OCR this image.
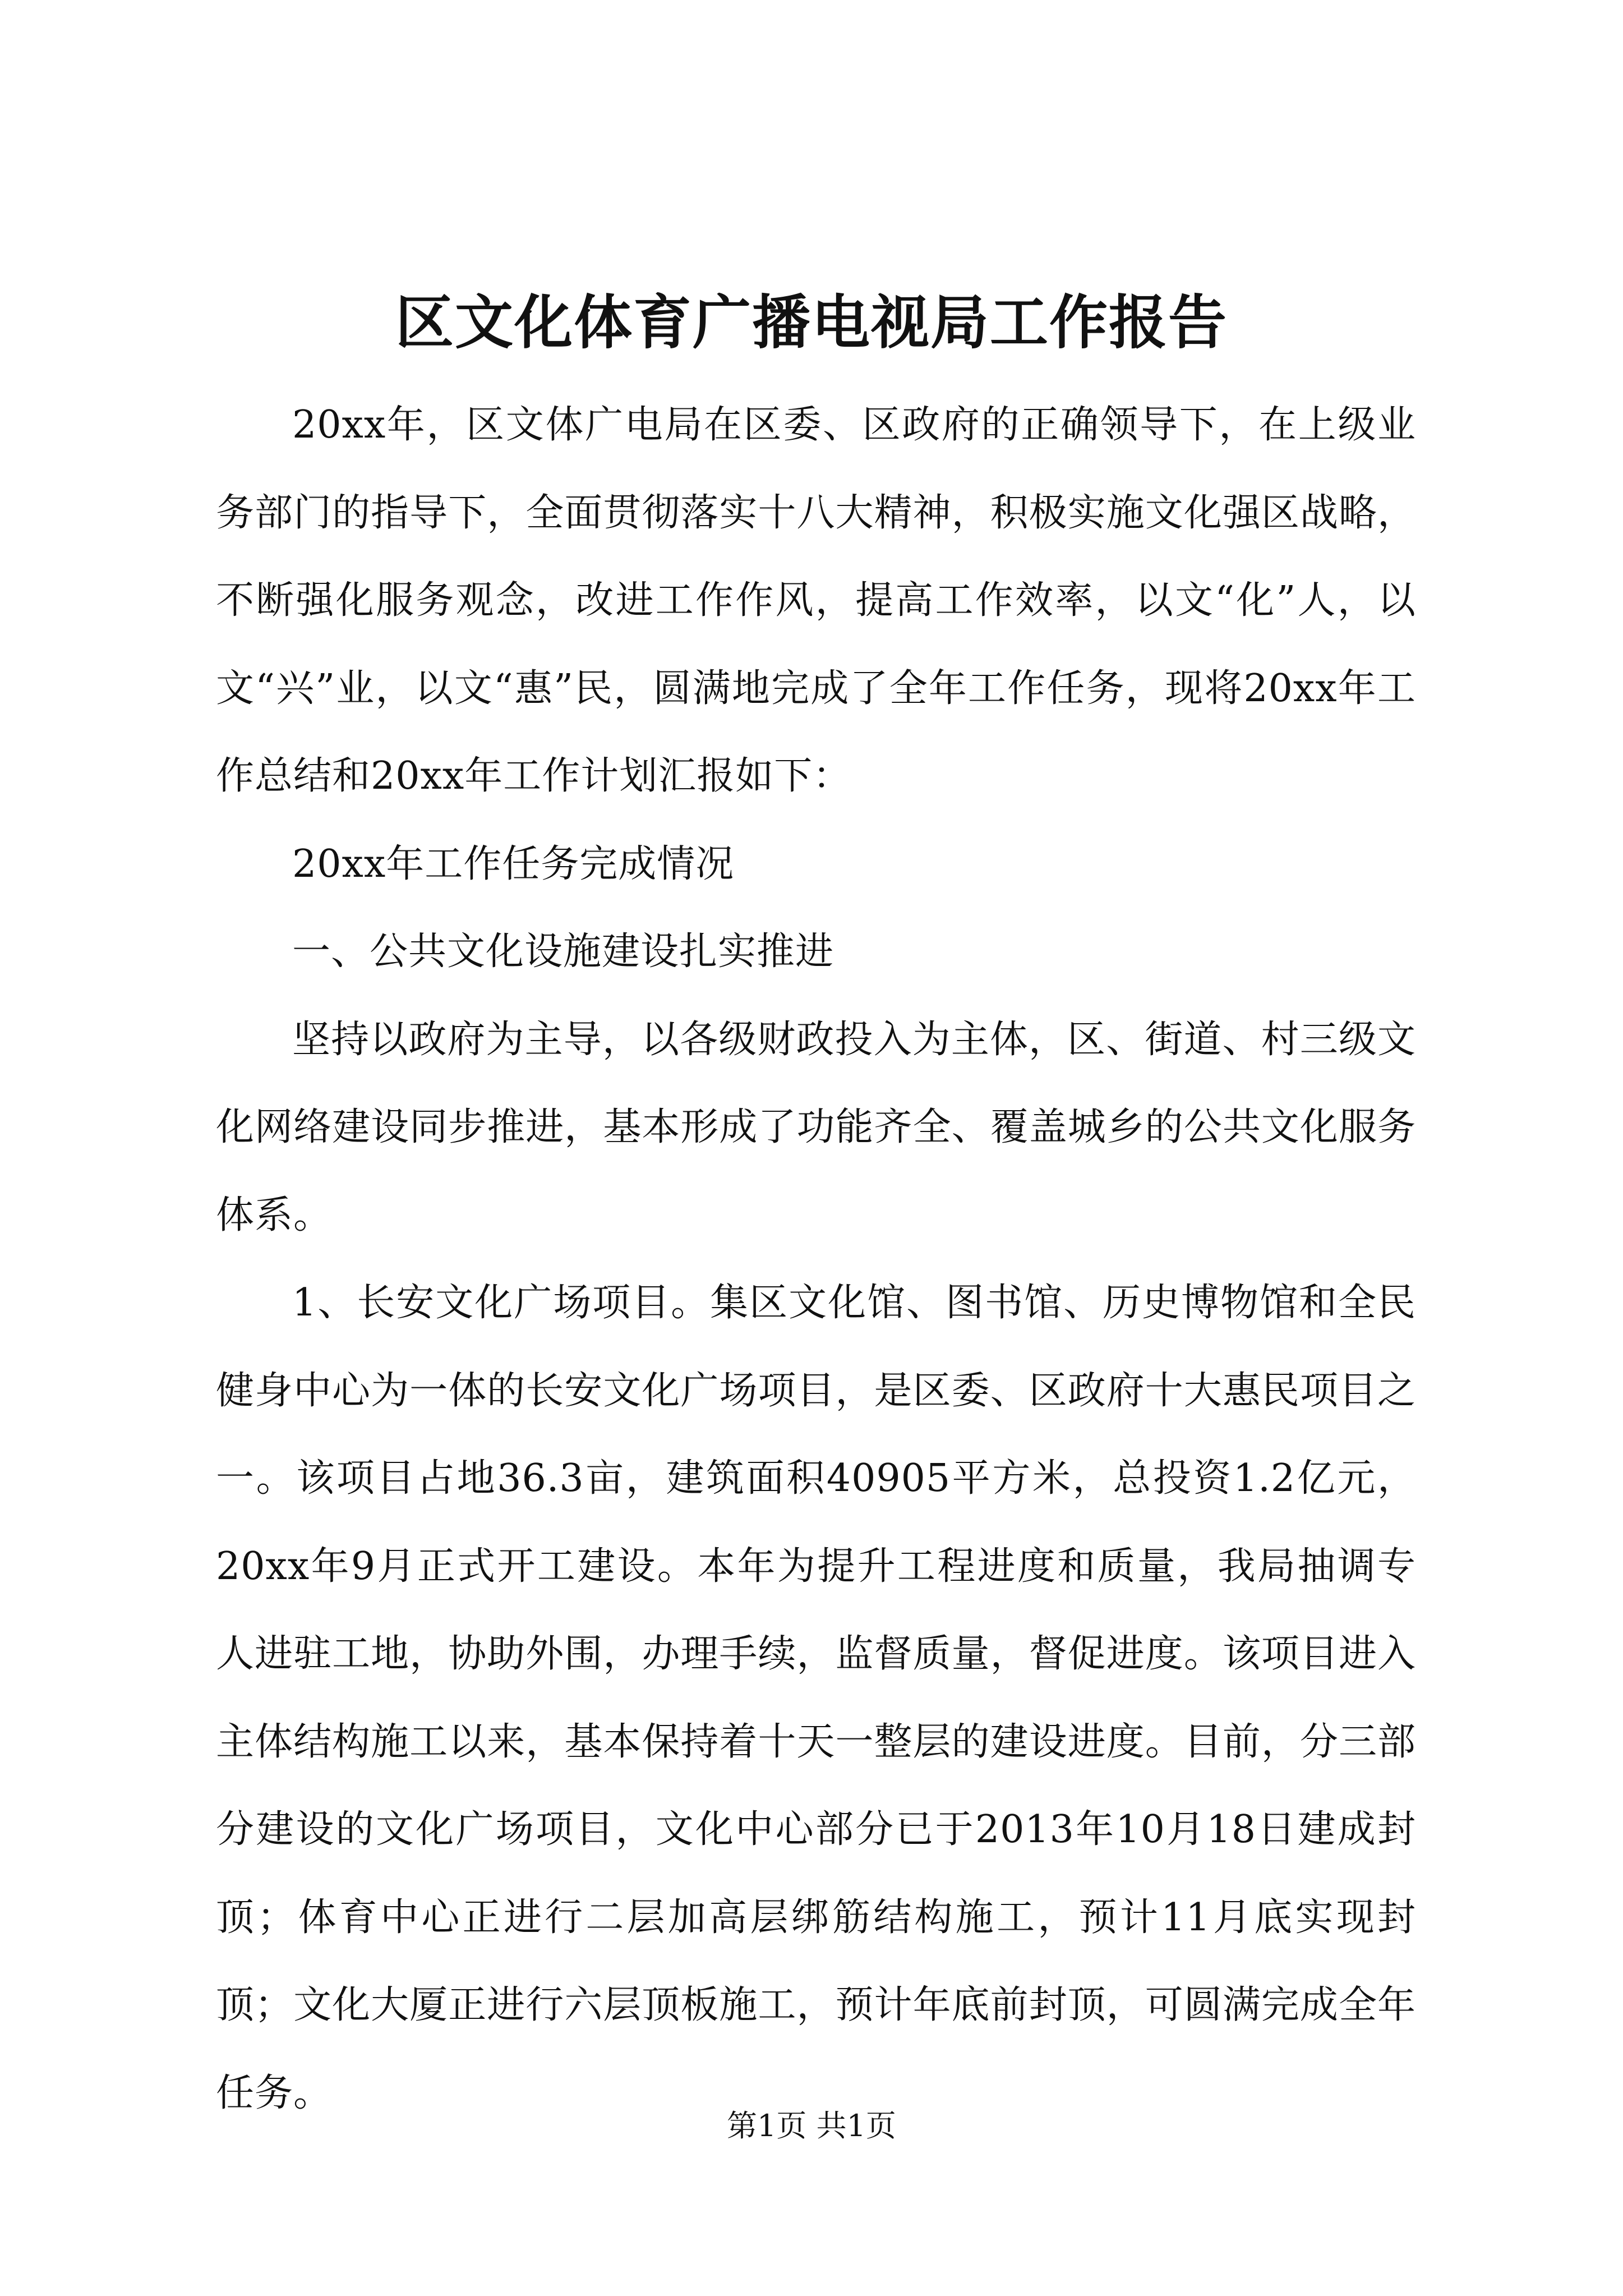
区文化体育广播电视局工作报告

20xx年，区文体广电局在区委、区政府的正确领导下，在上级业务部门的指导下，全面贯彻落实十八大精神，积极实施文化强区战略，不断强化服务观念，改进工作作风，提高工作效率，以文“化”人，以文“兴”业，以文“惠”民，圆满地完成了全年工作任务，现将20xx年工作总结和20xx年工作计划汇报如下：

20xx年工作任务完成情况

一、公共文化设施建设扎实推进

坚持以政府为主导，以各级财政投入为主体，区、街道、村三级文化网络建设同步推进，基本形成了功能齐全、覆盖城乡的公共文化服务体系。

1、长安文化广场项目。集区文化馆、图书馆、历史博物馆和全民健身中心为一体的长安文化广场项目，是区委、区政府十大惠民项目之一。该项目占地36.3亩，建筑面积40905平方米，总投资1.2亿元，20xx年9月正式开工建设。本年为提升工程进度和质量，我局抽调专人进驻工地，协助外围，办理手续，监督质量，督促进度。该项目进入主体结构施工以来，基本保持着十天一整层的建设进度。目前，分三部分建设的文化广场项目，文化中心部分已于2013年10月18日建成封顶；体育中心正进行二层加高层绑筋结构施工，预计11月底实现封顶；文化大厦正进行六层顶板施工，预计年底前封顶，可圆满完成全年任务。

第1页 共1页
